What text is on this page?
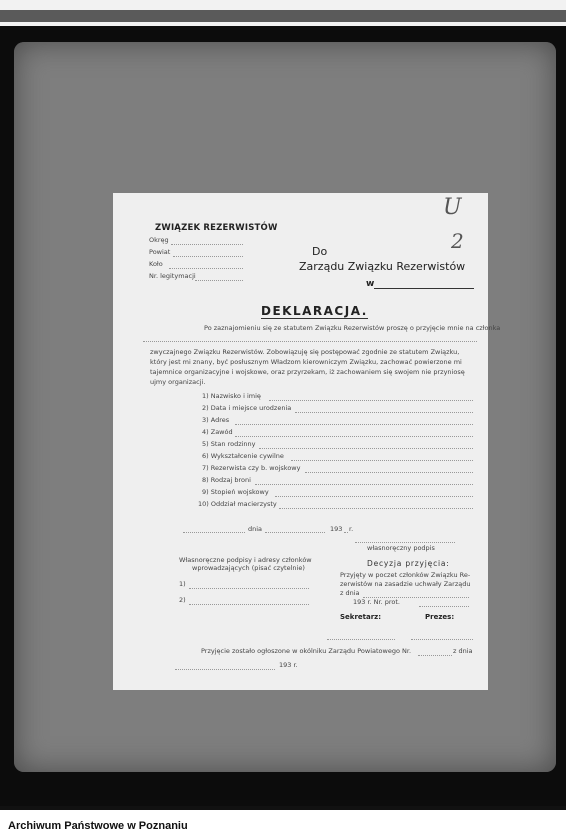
ZWIĄZEK REZERWISTÓW
Okręg
Powiat
Koło
Nr. legitymacji
U
2
Do
Zarządu Związku Rezerwistów
w
DEKLARACJA.
Po zaznajomieniu się ze statutem Związku Rezerwistów proszę o przyjęcie mnie na członka
zwyczajnego Związku Rezerwistów. Zobowiązuję się postępować zgodnie ze statutem Związku,
który jest mi znany, być posłusznym Władzom kierowniczym Związku, zachować powierzone mi
tajemnice organizacyjne i wojskowe, oraz przyrzekam, iż zachowaniem się swojem nie przyniosę
ujmy organizacji.
1) Nazwisko i imię
2) Data i miejsce urodzenia
3) Adres
4) Zawód
5) Stan rodzinny
6) Wykształcenie cywilne
7) Rezerwista czy b. wojskowy
8) Rodzaj broni
9) Stopień wojskowy
10) Oddział macierzysty
dnia	193 r.
własnoręczny podpis
Własnoręczne podpisy i adresy członków
wprowadzających (pisać czytelnie)
1)
2)
Decyzja przyjęcia:
Przyjęty w poczet członków Związku Re-
zerwistów na zasadzie uchwały Zarządu
z dnia
193 r. Nr. prot.
Sekretarz:	Prezes:
Przyjęcie zostało ogłoszone w okólniku Zarządu Powiatowego Nr.	z dnia
193 r.
Archiwum Państwowe w Poznaniu
